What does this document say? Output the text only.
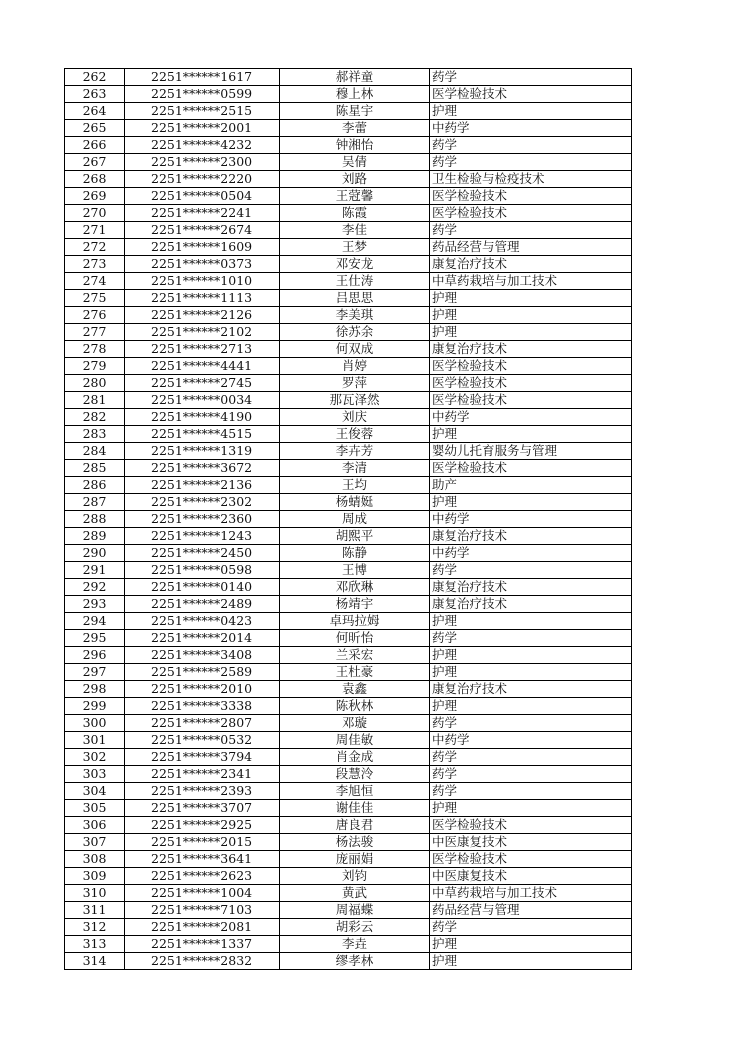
262	2251******1617	郝祥童	药学
263	2251******0599	穆上林	医学检验技术
264	2251******2515	陈星宇	护理
265	2251******2001	李蕾	中药学
266	2251******4232	钟湘怡	药学
267	2251******2300	吴倩	药学
268	2251******2220	刘路	卫生检验与检疫技术
269	2251******0504	王蒄馨	医学检验技术
270	2251******2241	陈霞	医学检验技术
271	2251******2674	李佳	药学
272	2251******1609	王梦	药品经营与管理
273	2251******0373	邓安龙	康复治疗技术
274	2251******1010	王仕涛	中草药栽培与加工技术
275	2251******1113	吕思思	护理
276	2251******2126	李美琪	护理
277	2251******2102	徐苏余	护理
278	2251******2713	何双成	康复治疗技术
279	2251******4441	肖婷	医学检验技术
280	2251******2745	罗萍	医学检验技术
281	2251******0034	那瓦泽然	医学检验技术
282	2251******4190	刘庆	中药学
283	2251******4515	王俊蓉	护理
284	2251******1319	李卉芳	婴幼儿托育服务与管理
285	2251******3672	李清	医学检验技术
286	2251******2136	王均	助产
287	2251******2302	杨蜻娗	护理
288	2251******2360	周成	中药学
289	2251******1243	胡熙平	康复治疗技术
290	2251******2450	陈静	中药学
291	2251******0598	王博	药学
292	2251******0140	邓欣琳	康复治疗技术
293	2251******2489	杨靖宇	康复治疗技术
294	2251******0423	卓玛拉姆	护理
295	2251******2014	何昕怡	药学
296	2251******3408	兰采宏	护理
297	2251******2589	王杜豪	护理
298	2251******2010	袁鑫	康复治疗技术
299	2251******3338	陈秋林	护理
300	2251******2807	邓璇	药学
301	2251******0532	周佳敏	中药学
302	2251******3794	肖金成	药学
303	2251******2341	段慧泠	药学
304	2251******2393	李旭恒	药学
305	2251******3707	谢佳佳	护理
306	2251******2925	唐良君	医学检验技术
307	2251******2015	杨法骏	中医康复技术
308	2251******3641	庞丽娟	医学检验技术
309	2251******2623	刘钧	中医康复技术
310	2251******1004	黄武	中草药栽培与加工技术
311	2251******7103	周福蝶	药品经营与管理
312	2251******2081	胡彩云	药学
313	2251******1337	李垚	护理
314	2251******2832	缪孝林	护理
